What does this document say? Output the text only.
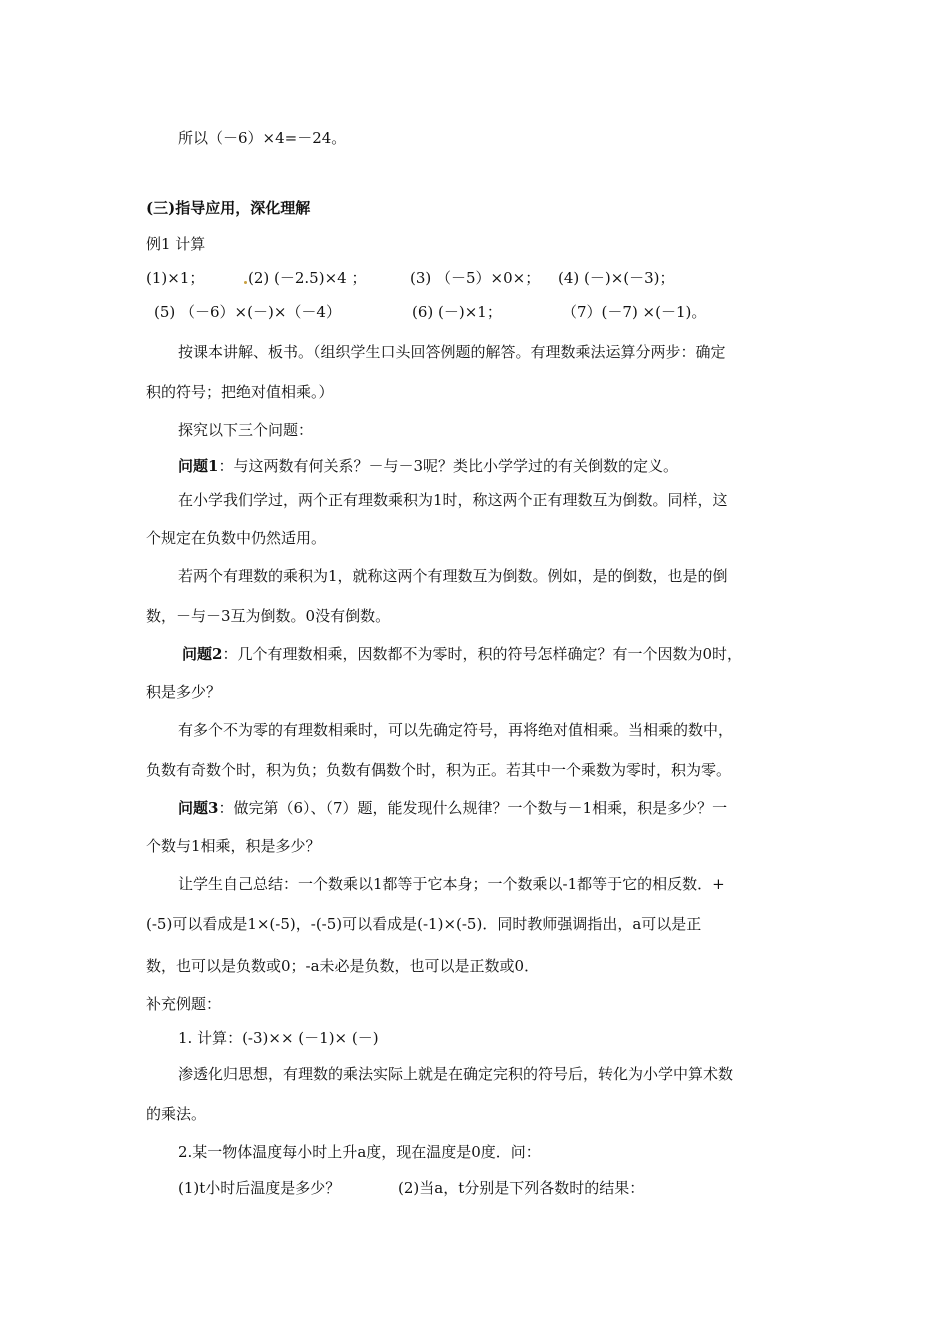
所以（－6）×4=－24。
(三)指导应用，深化理解
例1 计算
(1)×1；	(2) (－2.5)×4 ；	(3) （－5）×0×； (4) (－)×(－3)；
(5) （－6）×(－)×（－4）	(6) (－)×1；	（7）(－7) ×(－1)。
按课本讲解、板书。（组织学生口头回答例题的解答。有理数乘法运算分两步：确定
积的符号；把绝对值相乘。）
探究以下三个问题：
问题1：与这两数有何关系？－与－3呢？类比小学学过的有关倒数的定义。
在小学我们学过，两个正有理数乘积为1时，称这两个正有理数互为倒数。同样，这
个规定在负数中仍然适用。
若两个有理数的乘积为1，就称这两个有理数互为倒数。例如，是的倒数，也是的倒
数，－与－3互为倒数。0没有倒数。
问题2：几个有理数相乘，因数都不为零时，积的符号怎样确定？有一个因数为0时，
积是多少？
有多个不为零的有理数相乘时，可以先确定符号，再将绝对值相乘。当相乘的数中，
负数有奇数个时，积为负；负数有偶数个时，积为正。若其中一个乘数为零时，积为零。
问题3：做完第（6）、（7）题，能发现什么规律？一个数与－1相乘，积是多少？一
个数与1相乘，积是多少？
让学生自己总结：一个数乘以1都等于它本身；一个数乘以-1都等于它的相反数．+
(-5)可以看成是1×(-5)，-(-5)可以看成是(-1)×(-5)．同时教师强调指出，a可以是正
数，也可以是负数或0；-a未必是负数，也可以是正数或0．
补充例题：
1. 计算：(-3)×× (－1)× (－)
渗透化归思想，有理数的乘法实际上就是在确定完积的符号后，转化为小学中算术数
的乘法。
2.某一物体温度每小时上升a度，现在温度是0度．问：
(1)t小时后温度是多少？	(2)当a，t分别是下列各数时的结果：
